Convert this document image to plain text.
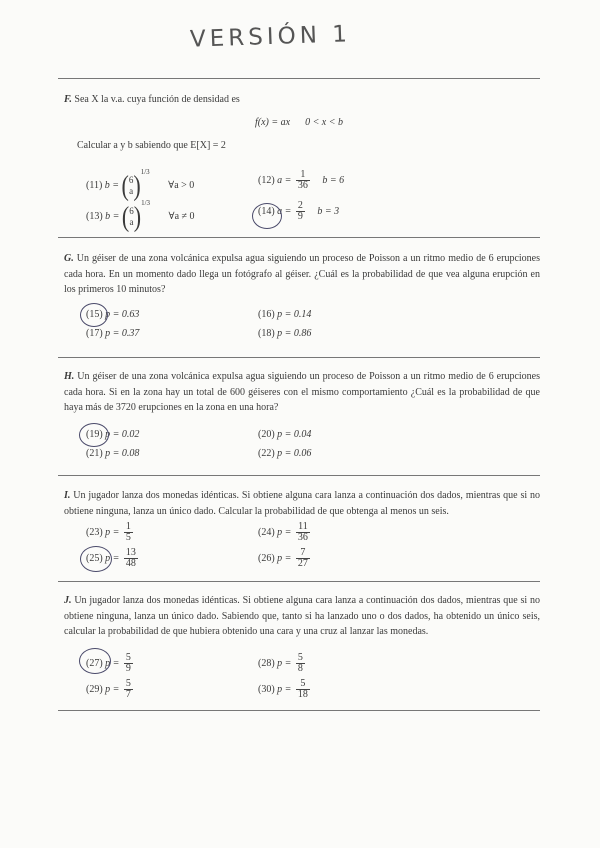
VERSIÓN 1
F. Sea X la v.a. cuya función de densidad es
f(x) = ax      0 < x < b
Calcular a y b sabiendo que E[X] = 2
(11) b = (6
a)$^{1/3}$ ∀a > 0	(12) $a = \frac{1}{36}$ b = 6
(13) b = (6
a)$^{1/3}$ ∀a ≠ 0	(14) $a = \frac{2}{9}$ b = 3
G. Un géiser de una zona volcánica expulsa agua siguiendo un proceso de Poisson a un ritmo medio de 6 erupciones cada hora. En un momento dado llega un fotógrafo al géiser. ¿Cuál es la probabilidad de que vea alguna erupción en los primeros 10 minutos?
(15) p = 0.63	(16) p = 0.14
(17) p = 0.37	(18) p = 0.86
H. Un géiser de una zona volcánica expulsa agua siguiendo un proceso de Poisson a un ritmo medio de 6 erupciones cada hora. Si en la zona hay un total de 600 géiseres con el mismo comportamiento ¿Cuál es la probabilidad de que haya más de 3720 erupciones en la zona en una hora?
(19) p = 0.02	(20) p = 0.04
(21) p = 0.08	(22) p = 0.06
I. Un jugador lanza dos monedas idénticas. Si obtiene alguna cara lanza a continuación dos dados, mientras que si no obtiene ninguna, lanza un único dado. Calcular la probabilidad de que obtenga al menos un seis.
(23) $p = \frac{1}{5}$	(24) $p = \frac{11}{36}$
(25) $p = \frac{13}{48}$	(26) $p = \frac{7}{27}$
J. Un jugador lanza dos monedas idénticas. Si obtiene alguna cara lanza a continuación dos dados, mientras que si no obtiene ninguna, lanza un único dado. Sabiendo que, tanto si ha lanzado uno o dos dados, ha obtenido un único seis, calcular la probabilidad de que hubiera obtenido una cara y una cruz al lanzar las monedas.
(27) $p = \frac{5}{9}$	(28) $p = \frac{5}{8}$
(29) $p = \frac{5}{7}$	(30) $p = \frac{5}{18}$
